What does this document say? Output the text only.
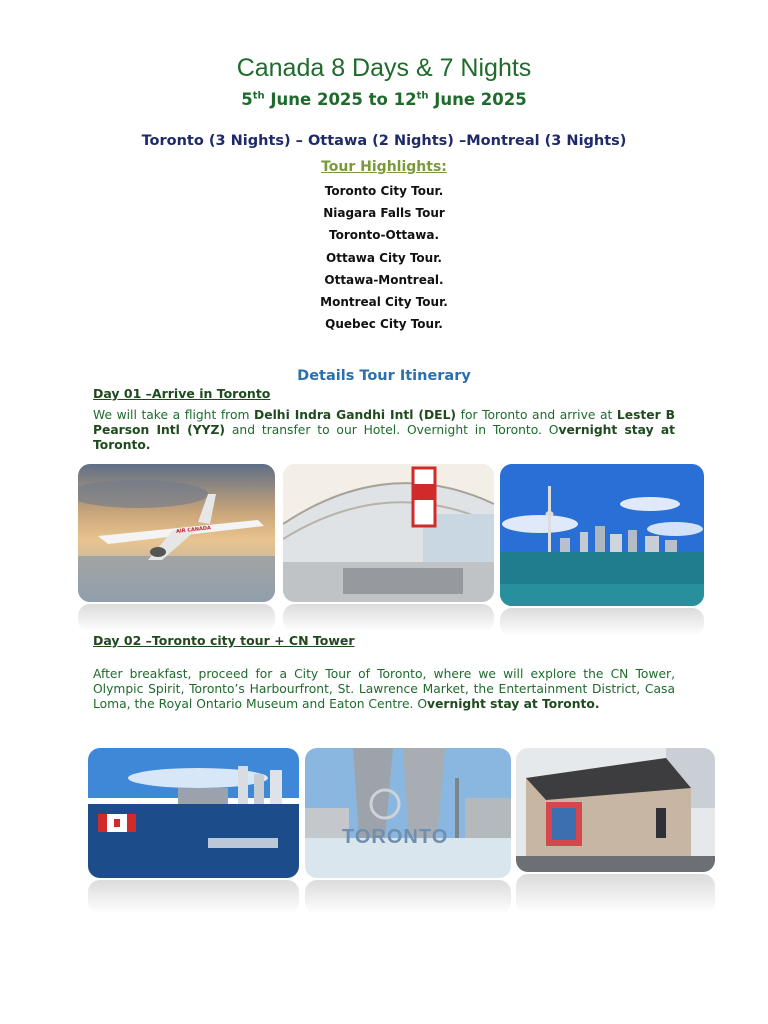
Canada 8 Days & 7 Nights
5th June 2025 to 12th June 2025
Toronto (3 Nights) – Ottawa (2 Nights) –Montreal (3 Nights)
Tour Highlights:
Toronto City Tour.
Niagara Falls Tour
Toronto-Ottawa.
Ottawa City Tour.
Ottawa-Montreal.
Montreal City Tour.
Quebec City Tour.
Details Tour Itinerary
Day 01 –Arrive in Toronto

We will take a flight from Delhi Indra Gandhi Intl (DEL) for Toronto and arrive at Lester B Pearson Intl (YYZ) and transfer to our Hotel. Overnight in Toronto. Overnight stay at Toronto.

AIR CANADA
Day 02 –Toronto city tour + CN Tower

After breakfast, proceed for a City Tour of Toronto, where we will explore the CN Tower, Olympic Spirit, Toronto’s Harbourfront, St. Lawrence Market, the Entertainment District, Casa Loma, the Royal Ontario Museum and Eaton Centre. Overnight stay at Toronto.

TORONTO
